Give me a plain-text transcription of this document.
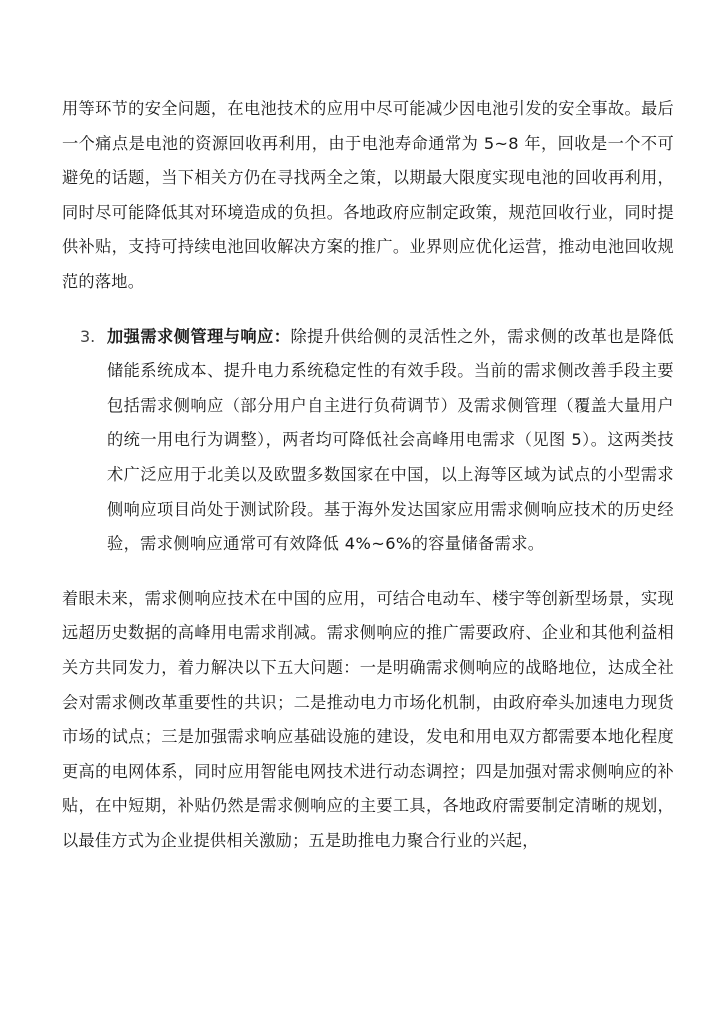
用等环节的安全问题，在电池技术的应用中尽可能减少因电池引发的安全事故。最后一个痛点是电池的资源回收再利用，由于电池寿命通常为 5~8 年，回收是一个不可避免的话题，当下相关方仍在寻找两全之策，以期最大限度实现电池的回收再利用，同时尽可能降低其对环境造成的负担。各地政府应制定政策，规范回收行业，同时提供补贴，支持可持续电池回收解决方案的推广。业界则应优化运营，推动电池回收规范的落地。

3. 加强需求侧管理与响应：除提升供给侧的灵活性之外，需求侧的改革也是降低储能系统成本、提升电力系统稳定性的有效手段。当前的需求侧改善手段主要包括需求侧响应（部分用户自主进行负荷调节）及需求侧管理（覆盖大量用户的统一用电行为调整），两者均可降低社会高峰用电需求（见图 5）。这两类技术广泛应用于北美以及欧盟多数国家在中国，以上海等区域为试点的小型需求侧响应项目尚处于测试阶段。基于海外发达国家应用需求侧响应技术的历史经验，需求侧响应通常可有效降低 4%~6%的容量储备需求。

着眼未来，需求侧响应技术在中国的应用，可结合电动车、楼宇等创新型场景，实现远超历史数据的高峰用电需求削减。需求侧响应的推广需要政府、企业和其他利益相关方共同发力，着力解决以下五大问题：一是明确需求侧响应的战略地位，达成全社会对需求侧改革重要性的共识；二是推动电力市场化机制，由政府牵头加速电力现货市场的试点；三是加强需求响应基础设施的建设，发电和用电双方都需要本地化程度更高的电网体系，同时应用智能电网技术进行动态调控；四是加强对需求侧响应的补贴，在中短期，补贴仍然是需求侧响应的主要工具，各地政府需要制定清晰的规划，以最佳方式为企业提供相关激励；五是助推电力聚合行业的兴起，
